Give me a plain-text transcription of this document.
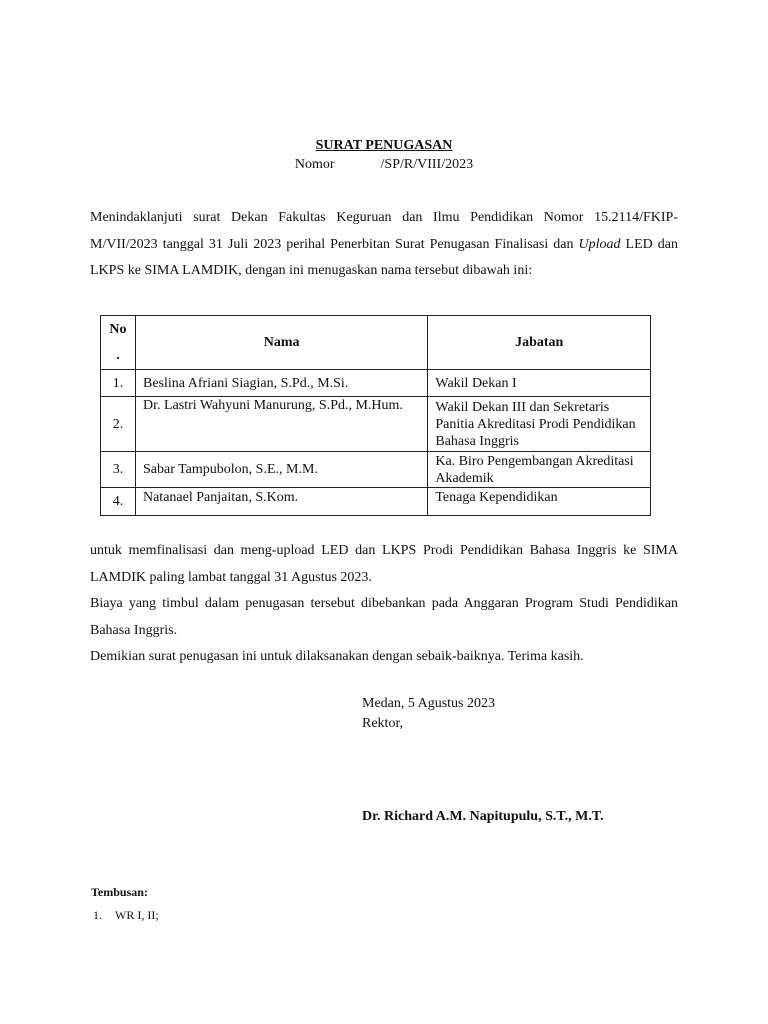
SURAT PENUGASAN
Nomor	/SP/R/VIII/2023
Menindaklanjuti surat Dekan Fakultas Keguruan dan Ilmu Pendidikan Nomor 15.2114/FKIP-M/VII/2023 tanggal 31 Juli 2023 perihal Penerbitan Surat Penugasan Finalisasi dan Upload LED dan LKPS ke SIMA LAMDIK, dengan ini menugaskan nama tersebut dibawah ini:
No .	Nama	Jabatan
1.	Beslina Afriani Siagian, S.Pd., M.Si.	Wakil Dekan I
2.	Dr. Lastri Wahyuni Manurung, S.Pd., M.Hum.	Wakil Dekan III dan Sekretaris Panitia Akreditasi Prodi Pendidikan Bahasa Inggris
3.	Sabar Tampubolon, S.E., M.M.	Ka. Biro Pengembangan Akreditasi Akademik
4.	Natanael Panjaitan, S.Kom.	Tenaga Kependidikan
untuk memfinalisasi dan meng-upload LED dan LKPS Prodi Pendidikan Bahasa Inggris ke SIMA LAMDIK paling lambat tanggal 31 Agustus 2023.
Biaya yang timbul dalam penugasan tersebut dibebankan pada Anggaran Program Studi Pendidikan Bahasa Inggris.
Demikian surat penugasan ini untuk dilaksanakan dengan sebaik-baiknya. Terima kasih.
Medan, 5 Agustus 2023
Rektor,
Dr. Richard A.M. Napitupulu, S.T., M.T.
Tembusan:
1. WR I, II;
